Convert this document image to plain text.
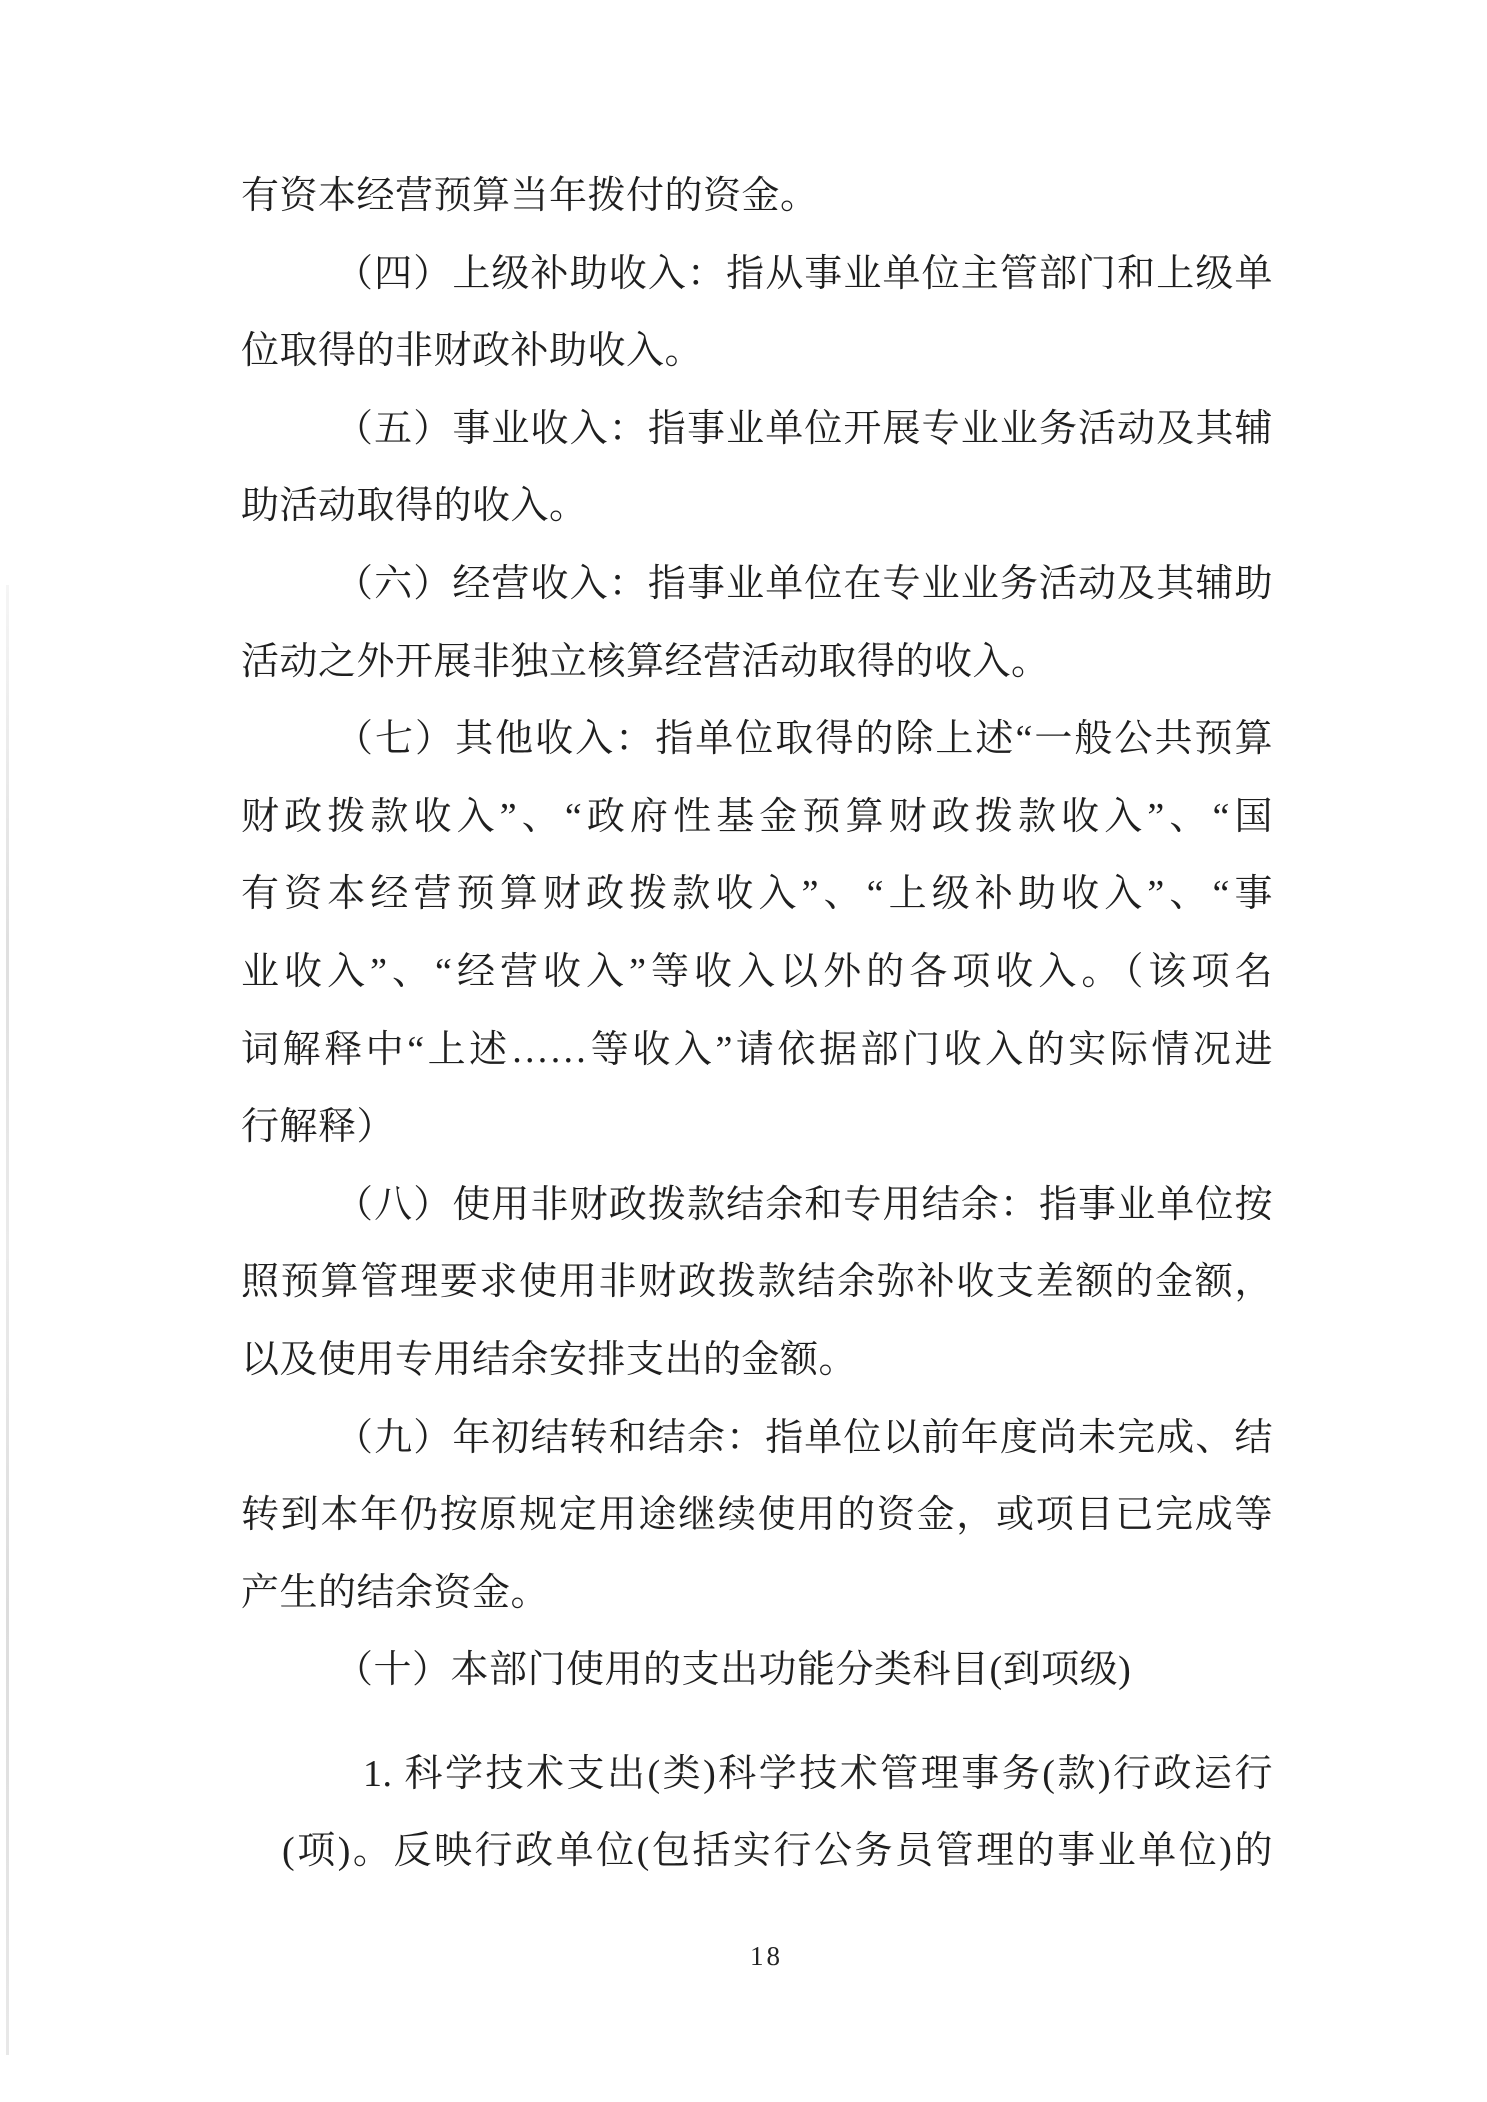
有资本经营预算当年拨付的资金。
（四）上级补助收入：指从事业单位主管部门和上级单
位取得的非财政补助收入。
（五）事业收入：指事业单位开展专业业务活动及其辅
助活动取得的收入。
（六）经营收入：指事业单位在专业业务活动及其辅助
活动之外开展非独立核算经营活动取得的收入。
（七）其他收入：指单位取得的除上述“一般公共预算
财政拨款收入”、“政府性基金预算财政拨款收入”、“国
有资本经营预算财政拨款收入”、“上级补助收入”、“事
业收入”、“经营收入”等收入以外的各项收入。（该项名
词解释中“上述……等收入”请依据部门收入的实际情况进
行解释）
（八）使用非财政拨款结余和专用结余：指事业单位按
照预算管理要求使用非财政拨款结余弥补收支差额的金额，
以及使用专用结余安排支出的金额。
（九）年初结转和结余：指单位以前年度尚未完成、结
转到本年仍按原规定用途继续使用的资金，或项目已完成等
产生的结余资金。
（十）本部门使用的支出功能分类科目(到项级)
1. 科学技术支出(类)科学技术管理事务(款)行政运行
(项)。反映行政单位(包括实行公务员管理的事业单位)的
18
